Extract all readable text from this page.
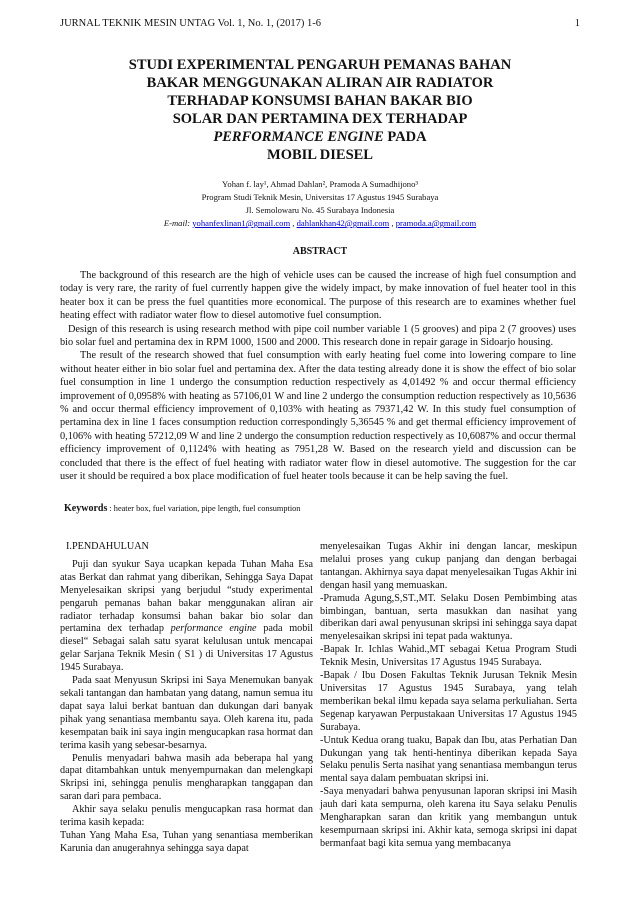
JURNAL TEKNIK MESIN UNTAG Vol. 1, No. 1, (2017) 1-6	1
STUDI EXPERIMENTAL PENGARUH PEMANAS BAHAN
BAKAR MENGGUNAKAN ALIRAN AIR RADIATOR
TERHADAP KONSUMSI BAHAN BAKAR BIO
SOLAR DAN PERTAMINA DEX TERHADAP
PERFORMANCE ENGINE PADA
MOBIL DIESEL
Yohan f. lay¹, Ahmad Dahlan², Pramoda A Sumadhijono³
Program Studi Teknik Mesin, Universitas 17 Agustus 1945 Surabaya
Jl. Semolowaru No. 45 Surabaya Indonesia
E-mail: yohanfexlinan1@gmail.com , dahlankhan42@gmail.com , pramoda.a@gmail.com
ABSTRACT

The background of this research are the high of vehicle uses can be caused the increase of high fuel consumption and today is very rare, the rarity of fuel currently happen give the widely impact, by make innovation of fuel heater tool in this heater box it can be press the fuel quantities more economical. The purpose of this research are to examines whether fuel heating effect with radiator water flow to diesel automotive fuel consumption.

Design of this research is using research method with pipe coil number variable 1 (5 grooves) and pipa 2 (7 grooves) uses bio solar fuel and pertamina dex in RPM 1000, 1500 and 2000. This research done in repair garage in Sidoarjo housing.

The result of the research showed that fuel consumption with early heating fuel come into lowering compare to line without heater either in bio solar fuel and pertamina dex. After the data testing already done it is show the effect of bio solar fuel consumption in line 1 undergo the consumption reduction respectively as 4,01492 % and occur thermal efficiency improvement of 0,0958% with heating as 57106,01 W and line 2 undergo the consumption reduction respectively as 10,5636 % and occur thermal efficiency improvement of 0,103% with heating as 79371,42 W. In this study fuel consumption of pertamina dex in line 1 faces consumption reduction correspondingly 5,36545 % and get thermal efficiency improvement of 0,106% with heating 57212,09 W and line 2 undergo the consumption reduction respectively as 10,6087% and occur thermal efficiency improvement of 0,1124% with heating as 7951,28 W. Based on the research yield and discussion can be concluded that there is the effect of fuel heating with radiator water flow in diesel automotive. The suggestion for the car user it should be required a box place modification of fuel heater tools because it can be help saving the fuel.

Keywords : heater box, fuel variation, pipe length, fuel consumption

I.PENDAHULUAN

Puji dan syukur Saya ucapkan kepada Tuhan Maha Esa atas Berkat dan rahmat yang diberikan, Sehingga Saya Dapat Menyelesaikan skripsi yang berjudul “study experimental pengaruh pemanas bahan bakar menggunakan aliran air radiator terhadap konsumsi bahan bakar bio solar dan pertamina dex terhadap performance engine pada mobil diesel“ Sebagai salah satu syarat kelulusan untuk mencapai gelar Sarjana Teknik Mesin ( S1 ) di Universitas 17 Agustus 1945 Surabaya.

Pada saat Menyusun Skripsi ini Saya Menemukan banyak sekali tantangan dan hambatan yang datang, namun semua itu dapat saya lalui berkat bantuan dan dukungan dari banyak pihak yang senantiasa membantu saya. Oleh karena itu, pada kesempatan baik ini saya ingin mengucapkan rasa hormat dan terima kasih yang sebesar-besarnya.

Penulis menyadari bahwa masih ada beberapa hal yang dapat ditambahkan untuk menyempurnakan dan melengkapi Skripsi ini, sehingga penulis mengharapkan tanggapan dan saran dari para pembaca.

Akhir saya selaku penulis mengucapkan rasa hormat dan terima kasih kepada:

Tuhan Yang Maha Esa, Tuhan yang senantiasa memberikan Karunia dan anugerahnya sehingga saya dapat

menyelesaikan Tugas Akhir ini dengan lancar, meskipun melalui proses yang cukup panjang dan dengan berbagai tantangan. Akhirnya saya dapat menyelesaikan Tugas Akhir ini dengan hasil yang memuaskan.

-Pramuda Agung,S,ST.,MT. Selaku Dosen Pembimbing atas bimbingan, bantuan, serta masukkan dan nasihat yang diberikan dari awal penyusunan skripsi ini sehingga saya dapat menyelesaikan skripsi ini tepat pada waktunya.

-Bapak Ir. Ichlas Wahid.,MT sebagai Ketua Program Studi Teknik Mesin, Universitas 17 Agustus 1945 Surabaya.

-Bapak / Ibu Dosen Fakultas Teknik Jurusan Teknik Mesin Universitas 17 Agustus 1945 Surabaya, yang telah memberikan bekal ilmu kepada saya selama perkuliahan. Serta Segenap karyawan Perpustakaan Universitas 17 Agustus 1945 Surabaya.

-Untuk Kedua orang tuaku, Bapak dan Ibu, atas Perhatian Dan Dukungan yang tak henti-hentinya diberikan kepada Saya Selaku penulis Serta nasihat yang senantiasa membangun terus mental saya dalam pembuatan skripsi ini.

-Saya menyadari bahwa penyusunan laporan skripsi ini Masih jauh dari kata sempurna, oleh karena itu Saya selaku Penulis Mengharapkan saran dan kritik yang membangun untuk kesempurnaan skripsi ini. Akhir kata, semoga skripsi ini dapat bermanfaat bagi kita semua yang membacanya
